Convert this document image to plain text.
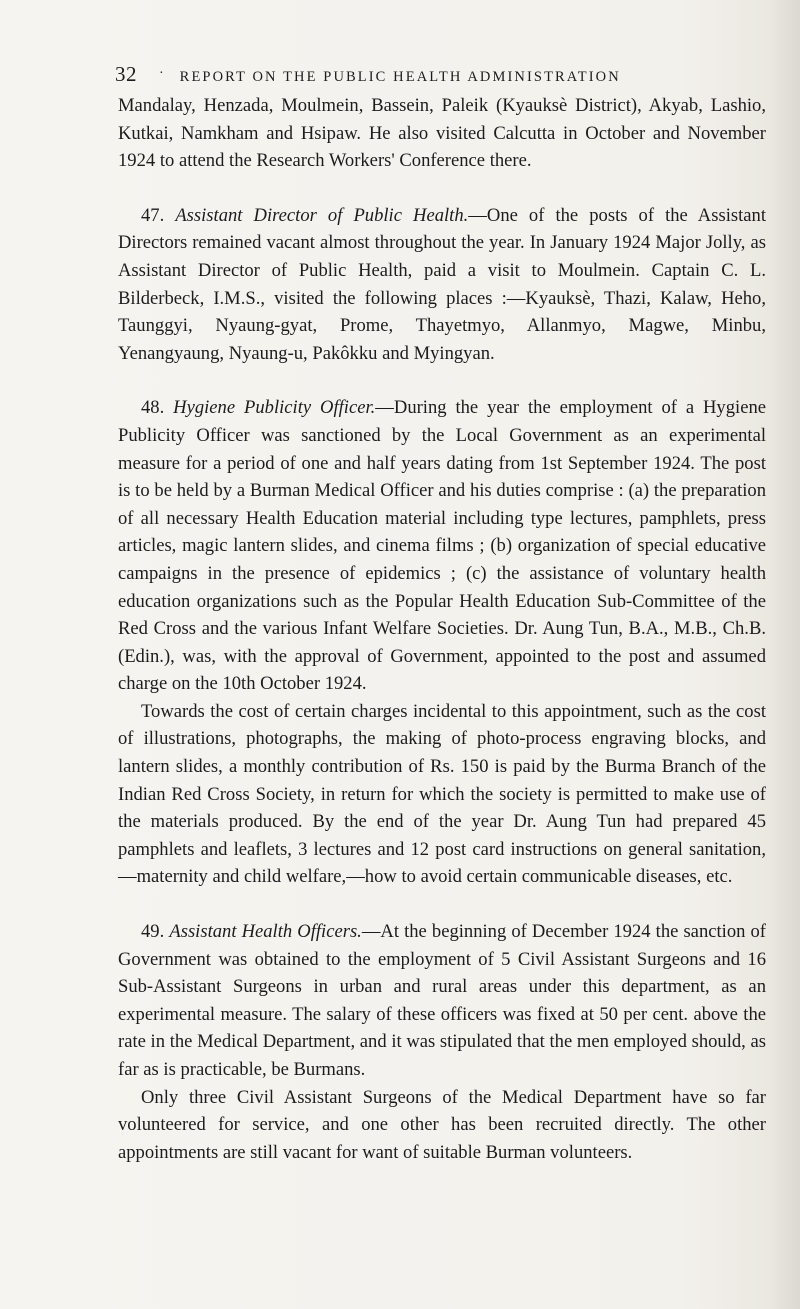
32 · REPORT ON THE PUBLIC HEALTH ADMINISTRATION

Mandalay, Henzada, Moulmein, Bassein, Paleik (Kyauksè District), Akyab, Lashio, Kutkai, Namkham and Hsipaw. He also visited Calcutta in October and November 1924 to attend the Research Workers' Conference there.

47. Assistant Director of Public Health.—One of the posts of the Assistant Directors remained vacant almost throughout the year. In January 1924 Major Jolly, as Assistant Director of Public Health, paid a visit to Moulmein. Captain C. L. Bilderbeck, I.M.S., visited the following places :—Kyauksè, Thazi, Kalaw, Heho, Taunggyi, Nyaung-gyat, Prome, Thayetmyo, Allanmyo, Magwe, Minbu, Yenangyaung, Nyaung-u, Pakôkku and Myingyan.

48. Hygiene Publicity Officer.—During the year the employment of a Hygiene Publicity Officer was sanctioned by the Local Government as an experimental measure for a period of one and half years dating from 1st September 1924. The post is to be held by a Burman Medical Officer and his duties comprise : (a) the preparation of all necessary Health Education material including type lectures, pamphlets, press articles, magic lantern slides, and cinema films ; (b) organization of special educative campaigns in the presence of epidemics ; (c) the assistance of voluntary health education organizations such as the Popular Health Education Sub-Committee of the Red Cross and the various Infant Welfare Societies. Dr. Aung Tun, B.A., M.B., Ch.B. (Edin.), was, with the approval of Government, appointed to the post and assumed charge on the 10th October 1924.

Towards the cost of certain charges incidental to this appointment, such as the cost of illustrations, photographs, the making of photo-process engraving blocks, and lantern slides, a monthly contribution of Rs. 150 is paid by the Burma Branch of the Indian Red Cross Society, in return for which the society is permitted to make use of the materials produced. By the end of the year Dr. Aung Tun had prepared 45 pamphlets and leaflets, 3 lectures and 12 post card instructions on general sanitation,—maternity and child welfare,—how to avoid certain communicable diseases, etc.

49. Assistant Health Officers.—At the beginning of December 1924 the sanction of Government was obtained to the employment of 5 Civil Assistant Surgeons and 16 Sub-Assistant Surgeons in urban and rural areas under this department, as an experimental measure. The salary of these officers was fixed at 50 per cent. above the rate in the Medical Department, and it was stipulated that the men employed should, as far as is practicable, be Burmans.

Only three Civil Assistant Surgeons of the Medical Department have so far volunteered for service, and one other has been recruited directly. The other appointments are still vacant for want of suitable Burman volunteers.
